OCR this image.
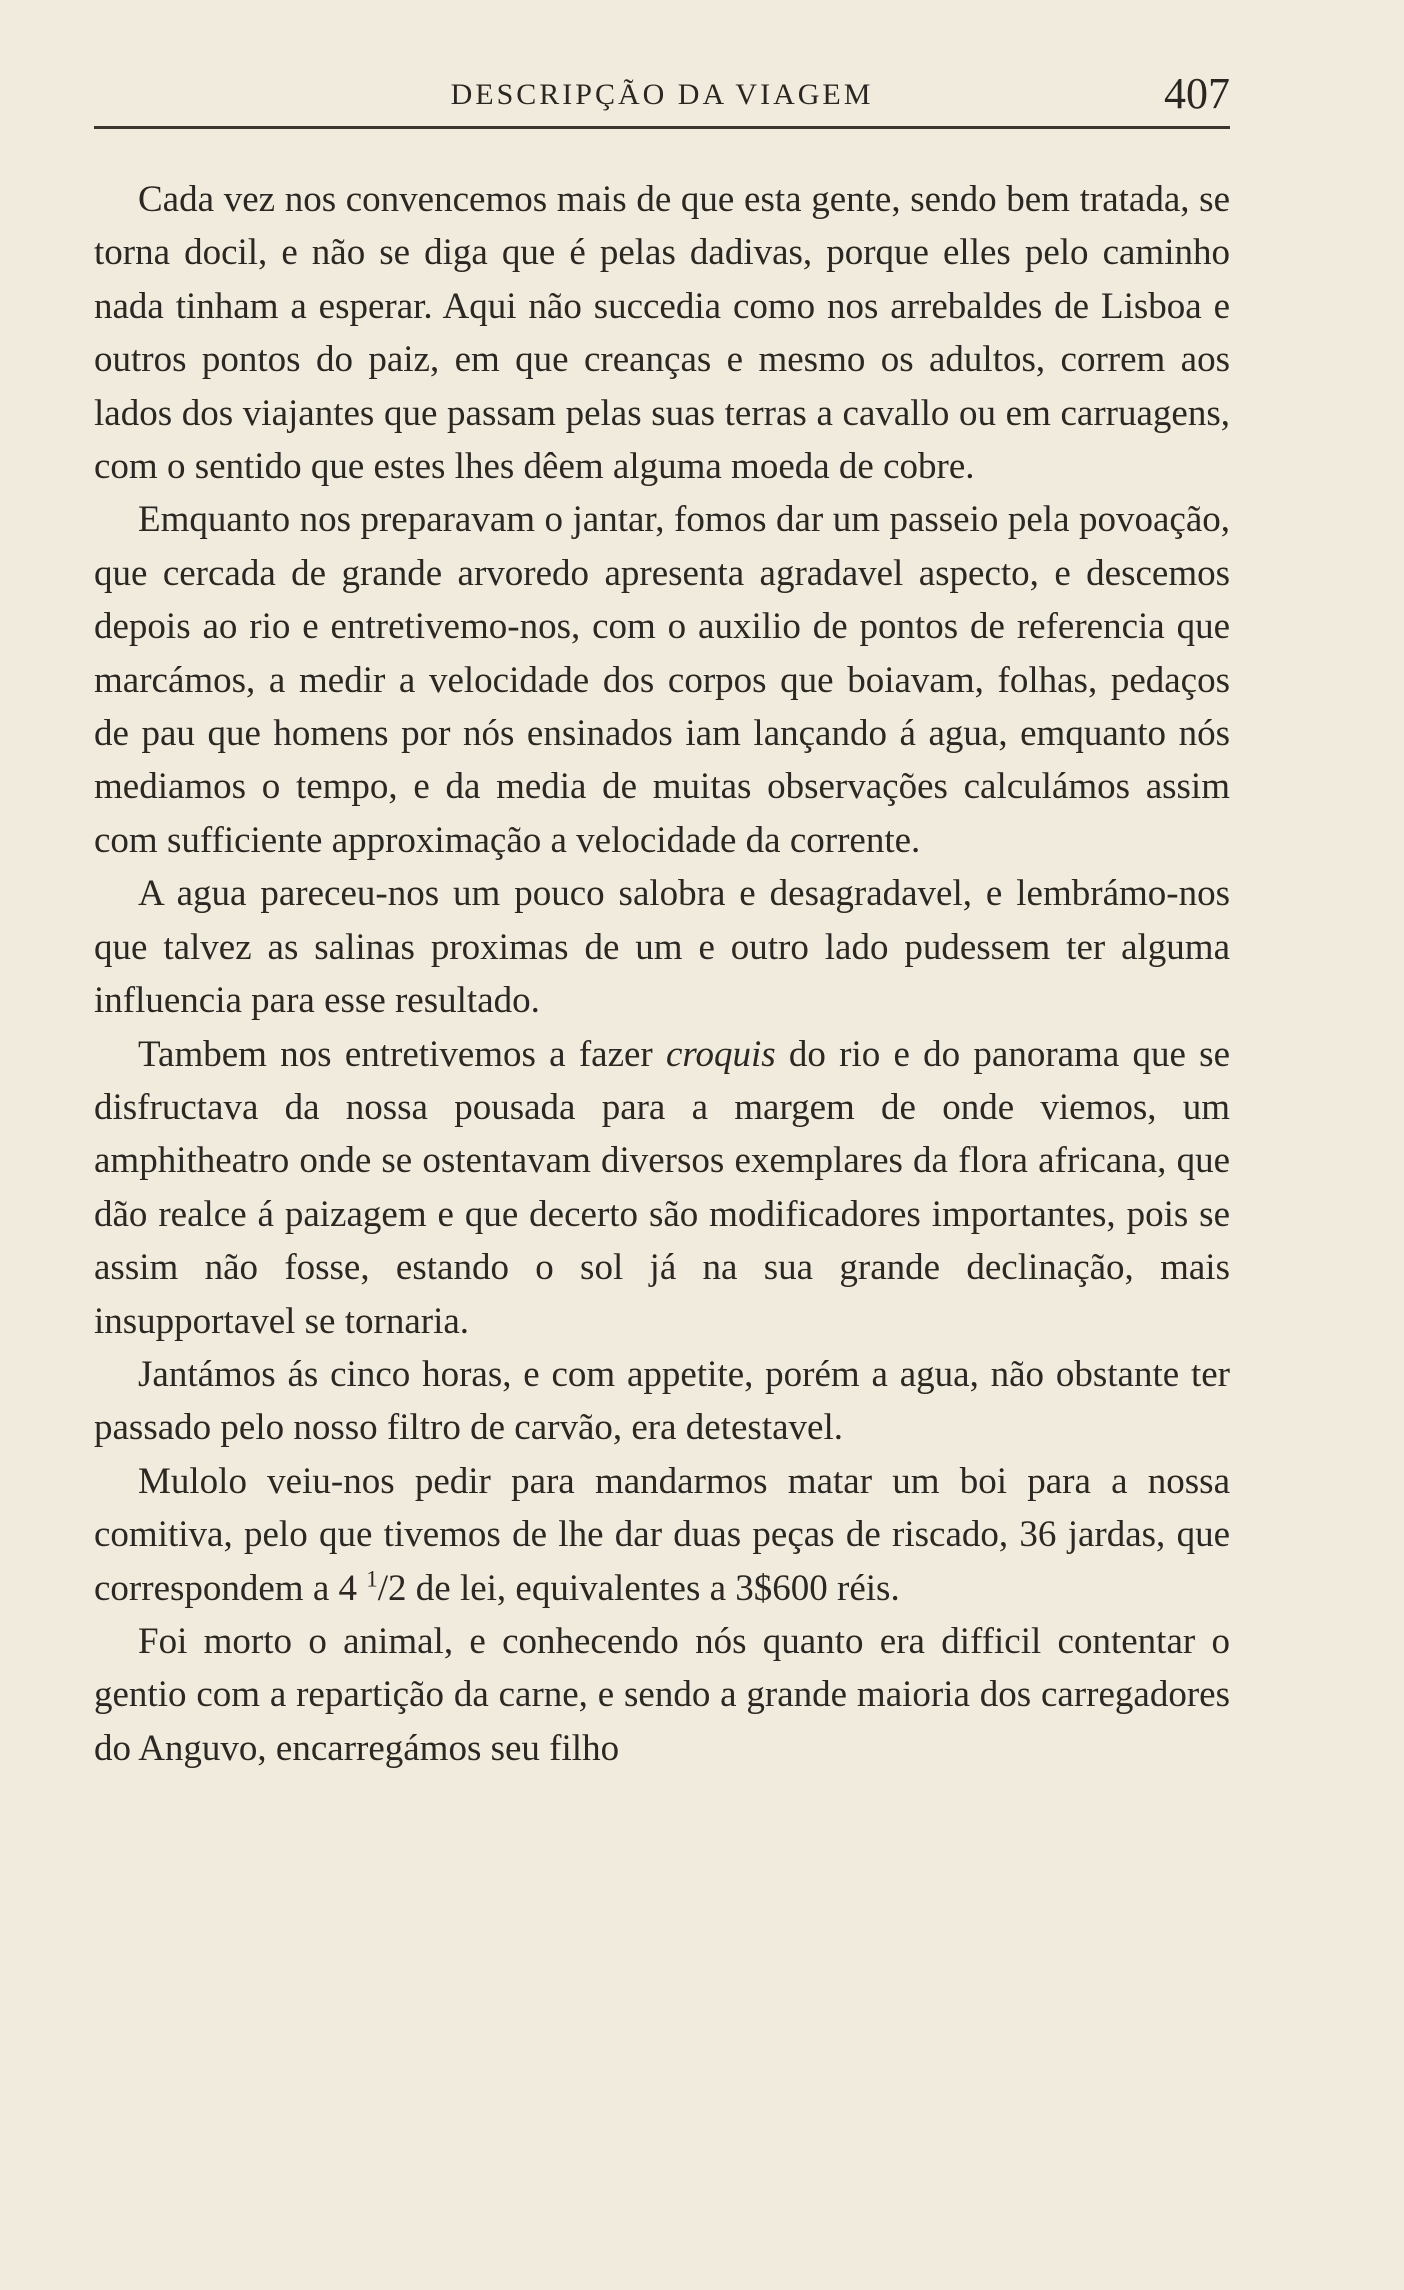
DESCRIPÇÃO DA VIAGEM	407

Cada vez nos convencemos mais de que esta gente, sendo bem tratada, se torna docil, e não se diga que é pelas dadivas, porque elles pelo caminho nada tinham a esperar. Aqui não succedia como nos arrebaldes de Lisboa e outros pontos do paiz, em que creanças e mesmo os adultos, correm aos lados dos viajantes que passam pelas suas terras a cavallo ou em carruagens, com o sentido que estes lhes dêem alguma moeda de cobre.

Emquanto nos preparavam o jantar, fomos dar um passeio pela povoação, que cercada de grande arvoredo apresenta agradavel aspecto, e descemos depois ao rio e entretivemo-nos, com o auxilio de pontos de referencia que marcámos, a medir a velocidade dos corpos que boiavam, folhas, pedaços de pau que homens por nós ensinados iam lançando á agua, emquanto nós mediamos o tempo, e da media de muitas observações calculámos assim com sufficiente approximação a velocidade da corrente.

A agua pareceu-nos um pouco salobra e desagradavel, e lembrámo-nos que talvez as salinas proximas de um e outro lado pudessem ter alguma influencia para esse resultado.

Tambem nos entretivemos a fazer croquis do rio e do panorama que se disfructava da nossa pousada para a margem de onde viemos, um amphitheatro onde se ostentavam diversos exemplares da flora africana, que dão realce á paizagem e que decerto são modificadores importantes, pois se assim não fosse, estando o sol já na sua grande declinação, mais insupportavel se tornaria.

Jantámos ás cinco horas, e com appetite, porém a agua, não obstante ter passado pelo nosso filtro de carvão, era detestavel.

Mulolo veiu-nos pedir para mandarmos matar um boi para a nossa comitiva, pelo que tivemos de lhe dar duas peças de riscado, 36 jardas, que correspondem a 4 $^1$/2 de lei, equivalentes a 3$600 réis.

Foi morto o animal, e conhecendo nós quanto era difficil contentar o gentio com a repartição da carne, e sendo a grande maioria dos carregadores do Anguvo, encarregámos seu filho
